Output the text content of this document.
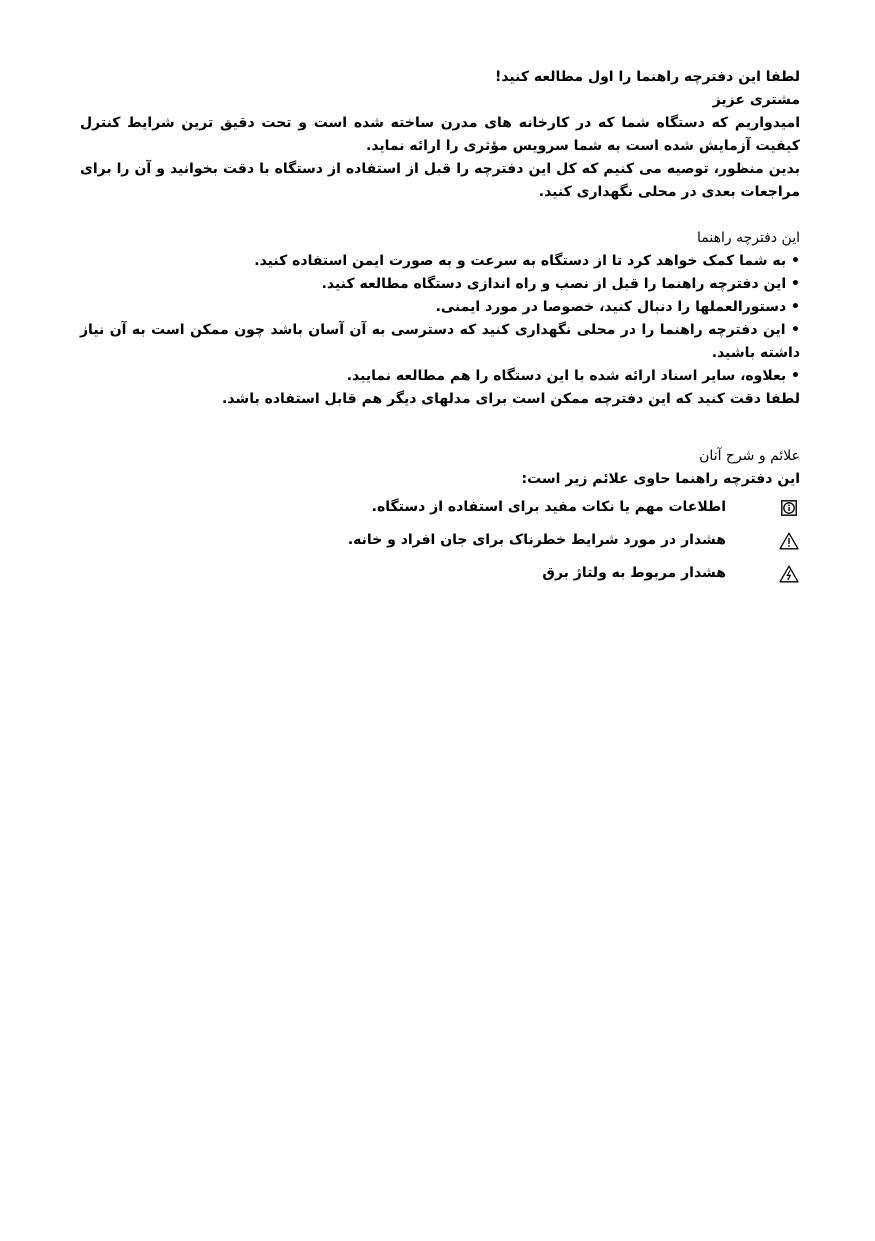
لطفا این دفترچه راهنما را اول مطالعه کنید!

مشتری عزیز

امیدواریم که دستگاه شما که در کارخانه های مدرن ساخته شده است و تحت دقیق ترین شرایط کنترل کیفیت آزمایش شده است به شما سرویس مؤثری را ارائه نماید.

بدین منظور، توصیه می کنیم که کل این دفترچه را قبل از استفاده از دستگاه با دقت بخوانید و آن را برای مراجعات بعدی در محلی نگهداری کنید.

این دفترچه راهنما

• به شما کمک خواهد کرد تا از دستگاه به سرعت و به صورت ایمن استفاده کنید.

• این دفترچه راهنما را قبل از نصب و راه اندازی دستگاه مطالعه کنید.

• دستورالعملها را دنبال کنید، خصوصا در مورد ایمنی.

• این دفترچه راهنما را در محلی نگهداری کنید که دسترسی به آن آسان باشد چون ممکن است به آن نیاز داشته باشید.

• بعلاوه، سایر اسناد ارائه شده با این دستگاه را هم مطالعه نمایید.

لطفا دقت کنید که این دفترچه ممکن است برای مدلهای دیگر هم قابل استفاده باشد.

علائم و شرح آنان

این دفترچه راهنما حاوی علائم زیر است:

اطلاعات مهم یا نکات مفید برای استفاده از دستگاه.
هشدار در مورد شرایط خطرناک برای جان افراد و خانه.
هشدار مربوط به ولتاژ برق
